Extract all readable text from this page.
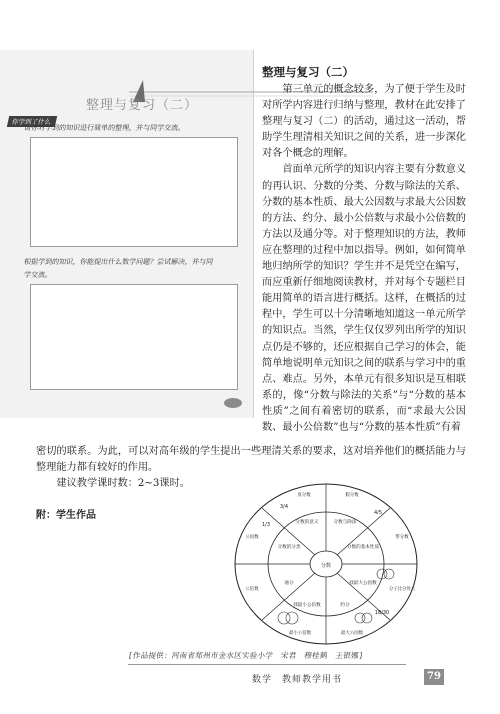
整理与复习（二）
你学到了什么
请你对学到的知识进行简单的整理，并与同学交流。
根据学到的知识，你能提出什么数学问题？尝试解决，并与同
学交流。
整理与复习（二）

第三单元的概念较多，为了便于学生及时对所学内容进行归纳与整理，教材在此安排了整理与复习（二）的活动，通过这一活动，帮助学生理清相关知识之间的关系，进一步深化对各个概念的理解。

首面单元所学的知识内容主要有分数意义的再认识、分数的分类、分数与除法的关系、分数的基本性质、最大公因数与求最大公因数的方法、约分、最小公倍数与求最小公倍数的方法以及通分等。对于整理知识的方法，教师应在整理的过程中加以指导。例如，如何简单地归纳所学的知识？学生并不是凭空在编写，而应重新仔细地阅读教材，并对每个专题栏目能用简单的语言进行概括。这样，在概括的过程中，学生可以十分清晰地知道这一单元所学的知识点。当然，学生仅仅罗列出所学的知识点仍是不够的，还应根据自己学习的体会，能简单地说明单元知识之间的联系与学习中的重点、难点。另外，本单元有很多知识是互相联系的，像“分数与除法的关系”与“分数的基本性质”之间有着密切的联系，而“求最大公因数、最小公倍数”也与“分数的基本性质”有着

密切的联系。为此，可以对高年级的学生提出一些理清关系的要求，这对培养他们的概括能力与整理能力都有较好的作用。

建议教学课时数：2~3课时。

附：学生作品
分数
分数的意义	分数与除法
分数的基本性质
找最大公因数
约分
找最小公倍数
通分
分数的分类
真分数	假分数
带分数
分子比分母大
最大公因数
最小公倍数
公倍数
公因数
3/4
1/3
4/5
18/30
[作品提供：河南省郑州市金水区实验小学　宋君　穆桂鹤　王银娜]
数学　教师教学用书	79
